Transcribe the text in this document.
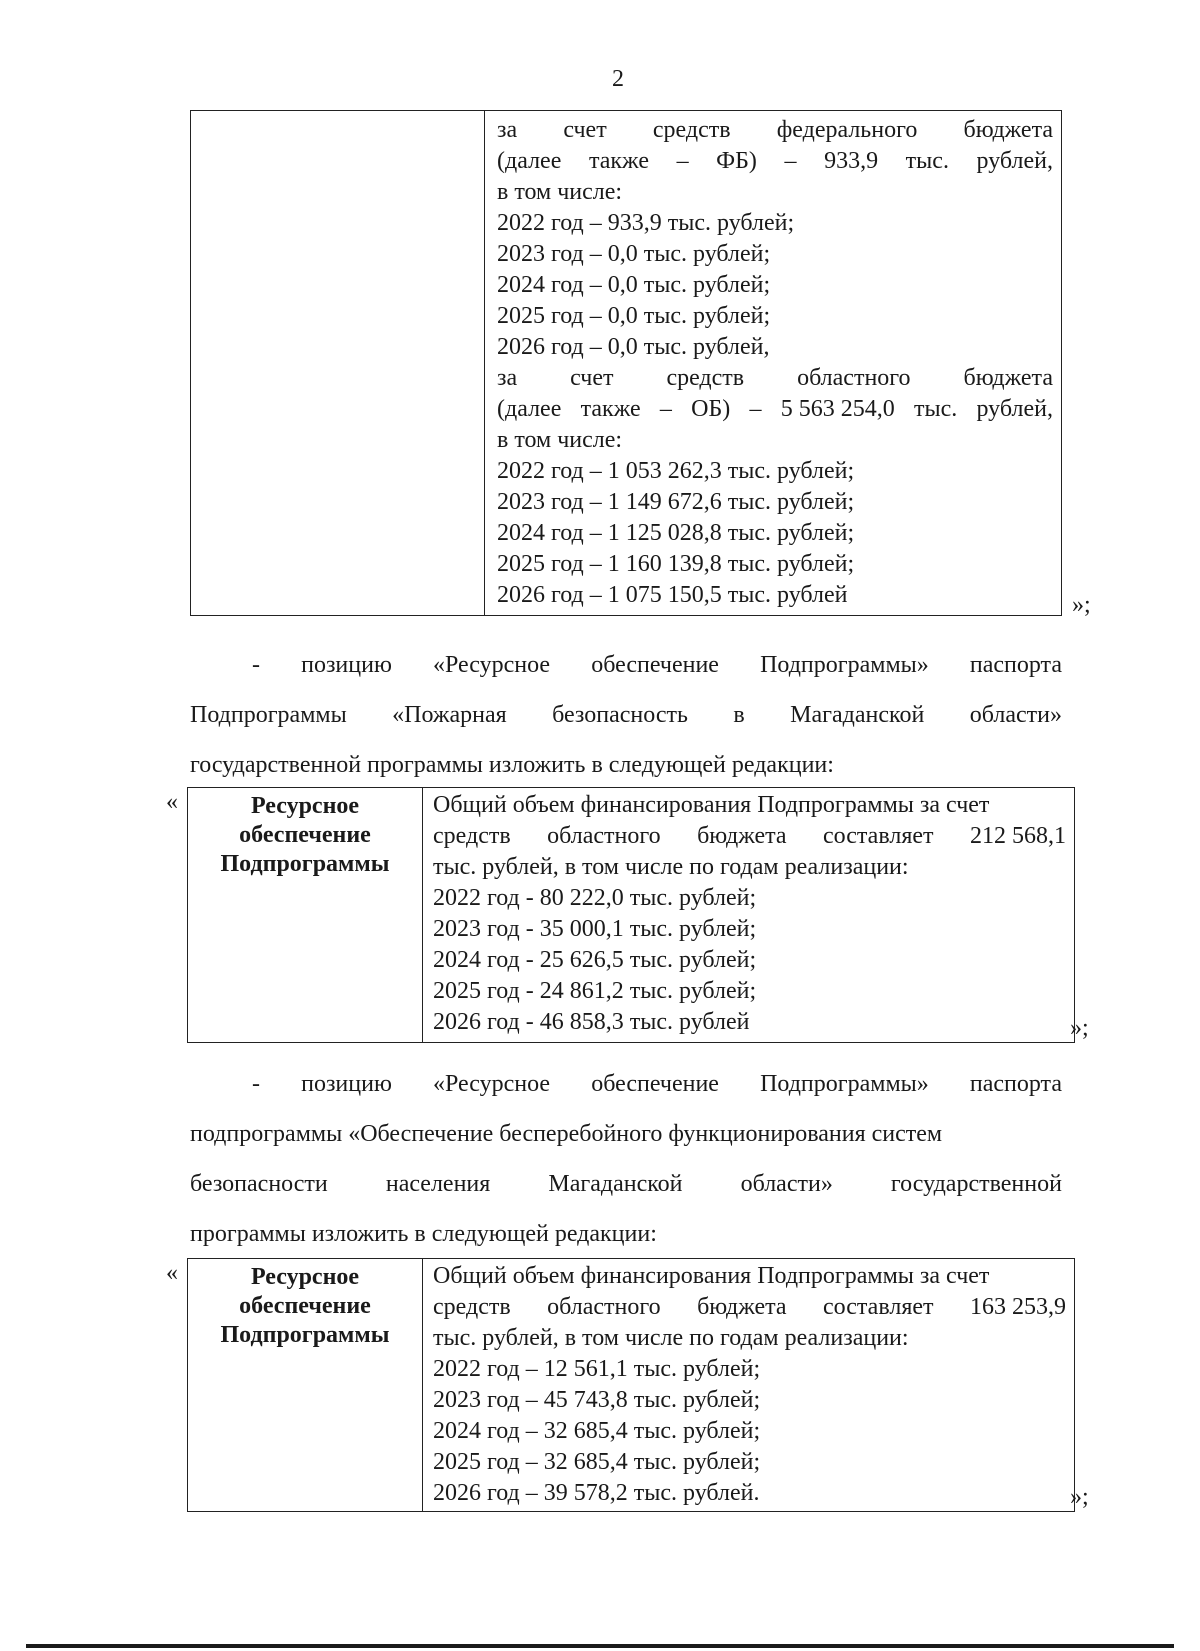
2

за счет средств федерального бюджета
(далее также – ФБ) – 933,9 тыс. рублей,
в том числе:
2022 год – 933,9 тыс. рублей;
2023 год – 0,0 тыс. рублей;
2024 год – 0,0 тыс. рублей;
2025 год – 0,0 тыс. рублей;
2026 год – 0,0 тыс. рублей,
за счет средств областного бюджета
(далее также – ОБ) – 5 563 254,0 тыс. рублей,
в том числе:
2022 год – 1 053 262,3 тыс. рублей;
2023 год – 1 149 672,6 тыс. рублей;
2024 год – 1 125 028,8 тыс. рублей;
2025 год – 1 160 139,8 тыс. рублей;
2026 год – 1 075 150,5 тыс. рублей	»;
- позицию «Ресурсное обеспечение Подпрограммы» паспорта
Подпрограммы «Пожарная безопасность в Магаданской области»
государственной программы изложить в следующей редакции:
«	Ресурсное
обеспечение
Подпрограммы

Общий объем финансирования Подпрограммы за счет
средств областного бюджета составляет 212 568,1
тыс. рублей, в том числе по годам реализации:
2022 год - 80 222,0 тыс. рублей;
2023 год - 35 000,1 тыс. рублей;
2024 год - 25 626,5 тыс. рублей;
2025 год - 24 861,2 тыс. рублей;
2026 год - 46 858,3 тыс. рублей	»;
- позицию «Ресурсное обеспечение Подпрограммы» паспорта
подпрограммы «Обеспечение бесперебойного функционирования систем
безопасности населения Магаданской области» государственной
программы изложить в следующей редакции:
«	Ресурсное
обеспечение
Подпрограммы

Общий объем финансирования Подпрограммы за счет
средств областного бюджета составляет 163 253,9
тыс. рублей, в том числе по годам реализации:
2022 год – 12 561,1 тыс. рублей;
2023 год – 45 743,8 тыс. рублей;
2024 год – 32 685,4 тыс. рублей;
2025 год – 32 685,4 тыс. рублей;
2026 год – 39 578,2 тыс. рублей.	»;
